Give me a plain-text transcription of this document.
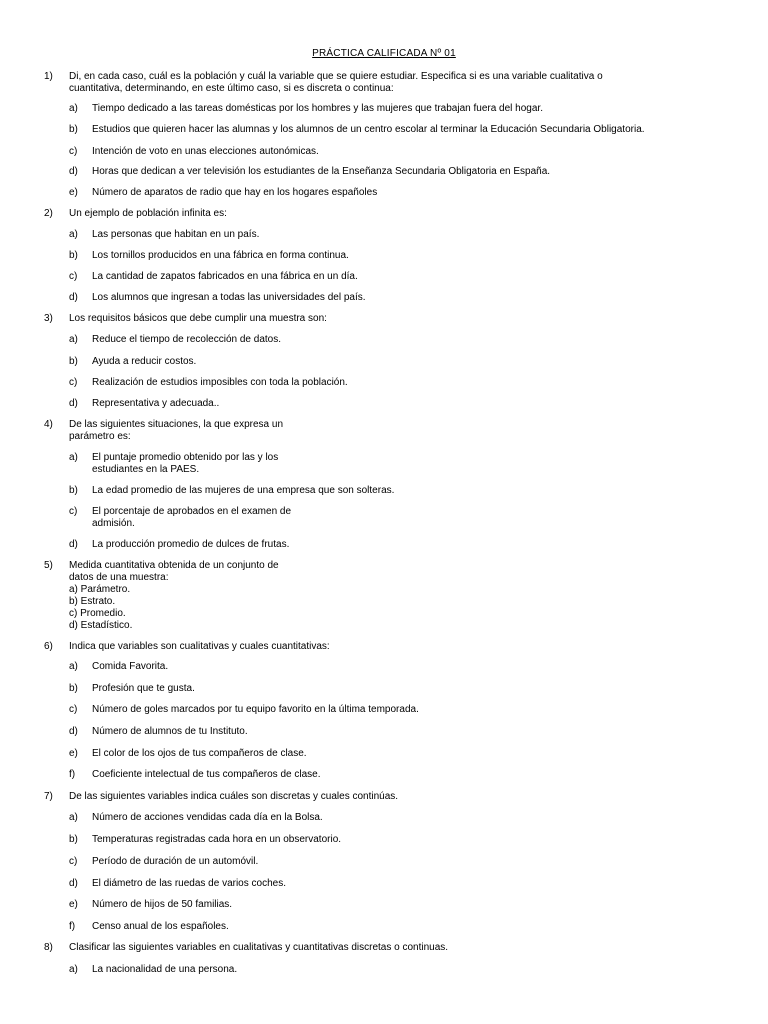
PRÁCTICA CALIFICADA Nº 01
1) Di, en cada caso, cuál es la población y cuál la variable que se quiere estudiar. Especifica si es una variable cualitativa o
cuantitativa, determinando, en este último caso, si es discreta o continua:
a) Tiempo dedicado a las tareas domésticas por los hombres y las mujeres que trabajan fuera del hogar.
b) Estudios que quieren hacer las alumnas y los alumnos de un centro escolar al terminar la Educación Secundaria Obligatoria.
c) Intención de voto en unas elecciones autonómicas.
d) Horas que dedican a ver televisión los estudiantes de la Enseñanza Secundaria Obligatoria en España.
e) Número de aparatos de radio que hay en los hogares españoles
2) Un ejemplo de población infinita es:
a) Las personas que habitan en un país.
b) Los tornillos producidos en una fábrica en forma continua.
c) La cantidad de zapatos fabricados en una fábrica en un día.
d) Los alumnos que ingresan a todas las universidades del país.
3) Los requisitos básicos que debe cumplir una muestra son:
a) Reduce el tiempo de recolección de datos.
b) Ayuda a reducir costos.
c) Realización de estudios imposibles con toda la población.
d) Representativa y adecuada..
4) De las siguientes situaciones, la que expresa un
parámetro es:
a) El puntaje promedio obtenido por las y los
estudiantes en la PAES.
b) La edad promedio de las mujeres de una empresa que son solteras.
c) El porcentaje de aprobados en el examen de
admisión.
d) La producción promedio de dulces de frutas.
5) Medida cuantitativa obtenida de un conjunto de
datos de una muestra:
a) Parámetro.
b) Estrato.
c) Promedio.
d) Estadístico.
6) Indica que variables son cualitativas y cuales cuantitativas:
a) Comida Favorita.
b) Profesión que te gusta.
c) Número de goles marcados por tu equipo favorito en la última temporada.
d) Número de alumnos de tu Instituto.
e) El color de los ojos de tus compañeros de clase.
f) Coeficiente intelectual de tus compañeros de clase.
7) De las siguientes variables indica cuáles son discretas y cuales continúas.
a) Número de acciones vendidas cada día en la Bolsa.
b) Temperaturas registradas cada hora en un observatorio.
c) Período de duración de un automóvil.
d) El diámetro de las ruedas de varios coches.
e) Número de hijos de 50 familias.
f) Censo anual de los españoles.
8) Clasificar las siguientes variables en cualitativas y cuantitativas discretas o continuas.
a) La nacionalidad de una persona.
